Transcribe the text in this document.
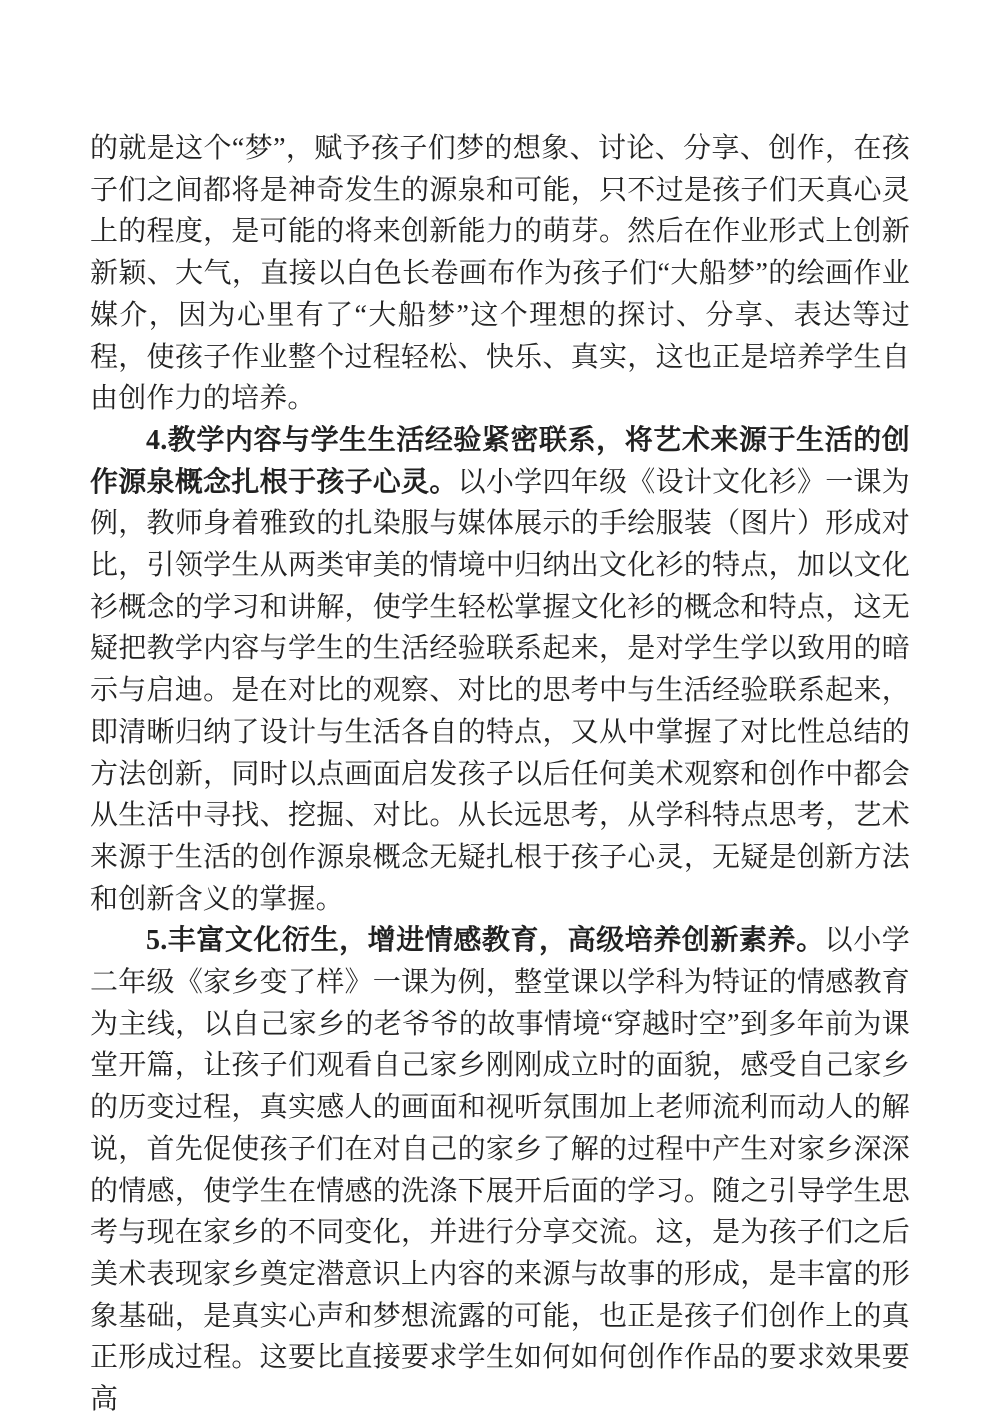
的就是这个“梦”，赋予孩子们梦的想象、讨论、分享、创作，在孩子们之间都将是神奇发生的源泉和可能，只不过是孩子们天真心灵上的程度，是可能的将来创新能力的萌芽。然后在作业形式上创新新颖、大气，直接以白色长卷画布作为孩子们“大船梦”的绘画作业媒介，因为心里有了“大船梦”这个理想的探讨、分享、表达等过程，使孩子作业整个过程轻松、快乐、真实，这也正是培养学生自由创作力的培养。

4.教学内容与学生生活经验紧密联系，将艺术来源于生活的创作源泉概念扎根于孩子心灵。以小学四年级《设计文化衫》一课为例，教师身着雅致的扎染服与媒体展示的手绘服装（图片）形成对比，引领学生从两类审美的情境中归纳出文化衫的特点，加以文化衫概念的学习和讲解，使学生轻松掌握文化衫的概念和特点，这无疑把教学内容与学生的生活经验联系起来，是对学生学以致用的暗示与启迪。是在对比的观察、对比的思考中与生活经验联系起来，即清晰归纳了设计与生活各自的特点，又从中掌握了对比性总结的方法创新，同时以点画面启发孩子以后任何美术观察和创作中都会从生活中寻找、挖掘、对比。从长远思考，从学科特点思考，艺术来源于生活的创作源泉概念无疑扎根于孩子心灵，无疑是创新方法和创新含义的掌握。

5.丰富文化衍生，增进情感教育，高级培养创新素养。以小学二年级《家乡变了样》一课为例，整堂课以学科为特证的情感教育为主线，以自己家乡的老爷爷的故事情境“穿越时空”到多年前为课堂开篇，让孩子们观看自己家乡刚刚成立时的面貌，感受自己家乡的历变过程，真实感人的画面和视听氛围加上老师流利而动人的解说，首先促使孩子们在对自己的家乡了解的过程中产生对家乡深深的情感，使学生在情感的洗涤下展开后面的学习。随之引导学生思考与现在家乡的不同变化，并进行分享交流。这，是为孩子们之后美术表现家乡奠定潜意识上内容的来源与故事的形成，是丰富的形象基础，是真实心声和梦想流露的可能，也正是孩子们创作上的真正形成过程。这要比直接要求学生如何如何创作作品的要求效果要高
